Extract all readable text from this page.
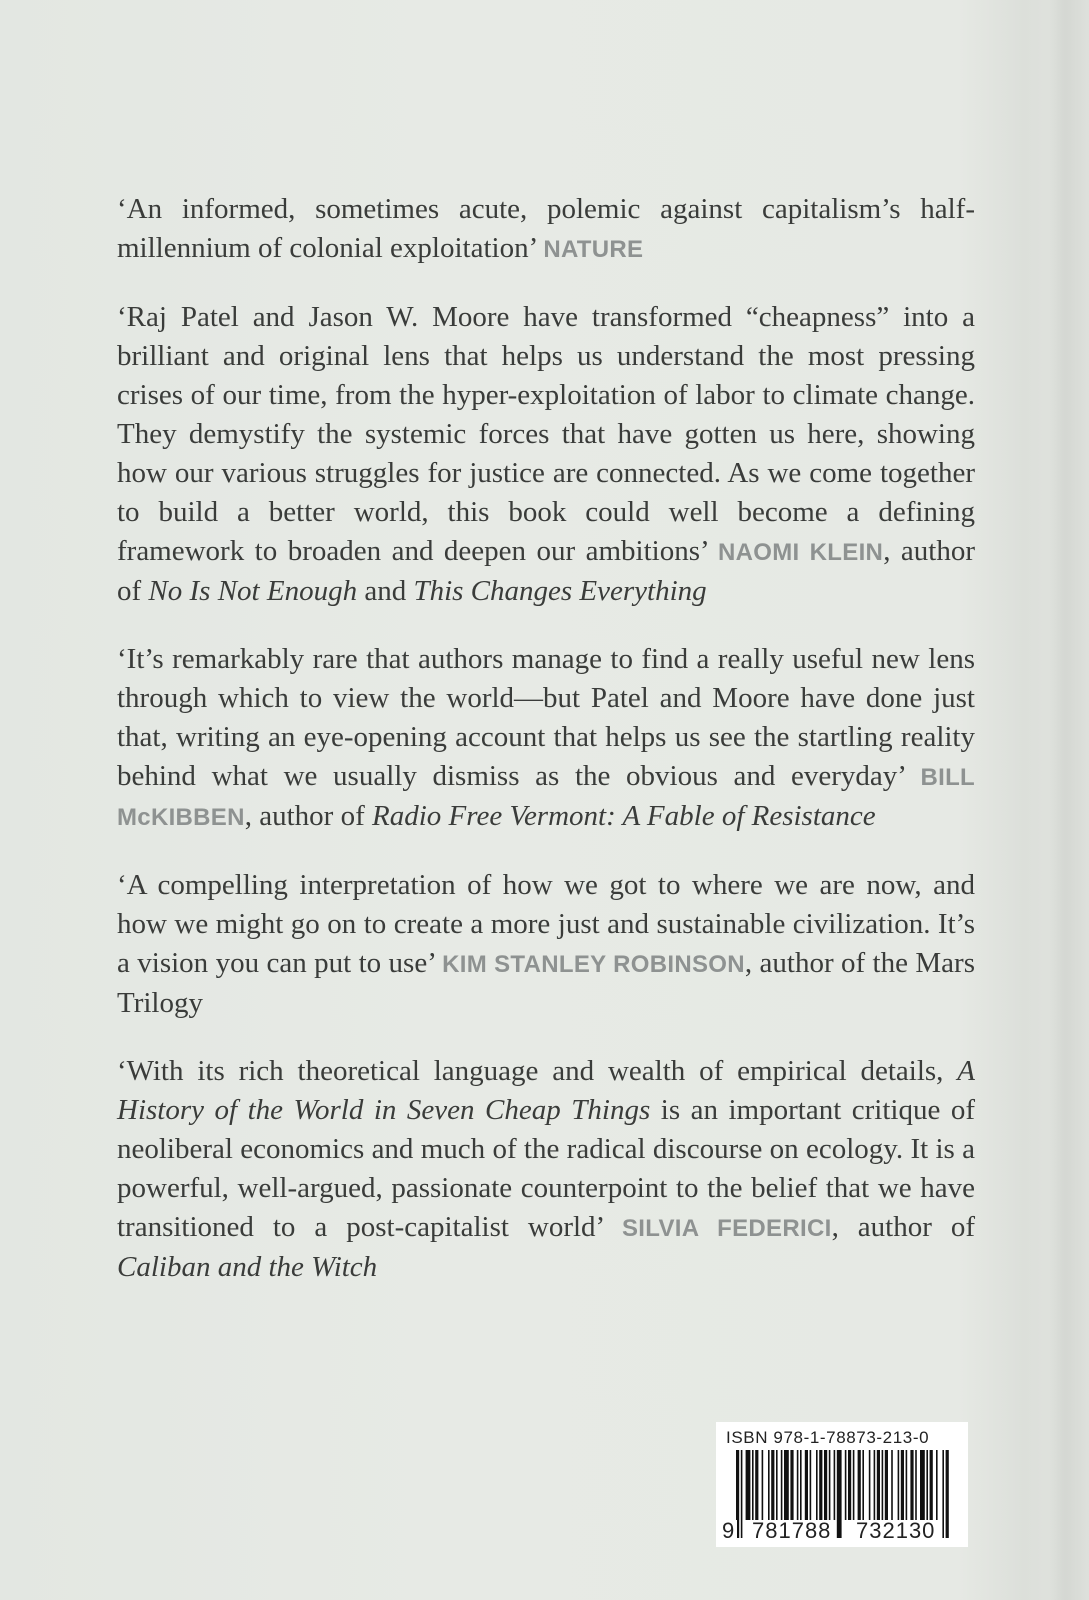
‘An informed, sometimes acute, polemic against capitalism’s half-millennium of colonial exploitation’ NATURE

‘Raj Patel and Jason W. Moore have transformed “cheapness” into a brilliant and original lens that helps us understand the most pressing crises of our time, from the hyper-exploitation of labor to climate change. They demystify the systemic forces that have gotten us here, showing how our various struggles for justice are connected. As we come together to build a better world, this book could well become a defining framework to broaden and deepen our ambitions’ NAOMI KLEIN, author of No Is Not Enough and This Changes Everything

‘It’s remarkably rare that authors manage to find a really useful new lens through which to view the world—but Patel and Moore have done just that, writing an eye-opening account that helps us see the startling reality behind what we usually dismiss as the obvious and everyday’ BILL McKIBBEN, author of Radio Free Vermont: A Fable of Resistance

‘A compelling interpretation of how we got to where we are now, and how we might go on to create a more just and sustainable civilization. It’s a vision you can put to use’ KIM STANLEY ROBINSON, author of the Mars Trilogy

‘With its rich theoretical language and wealth of empirical details, A History of the World in Seven Cheap Things is an important critique of neoliberal economics and much of the radical discourse on ecology. It is a powerful, well-argued, passionate counterpoint to the belief that we have transitioned to a post-capitalist world’ SILVIA FEDERICI, author of Caliban and the Witch

ISBN 978-1-78873-213-0
9 781788 732130
